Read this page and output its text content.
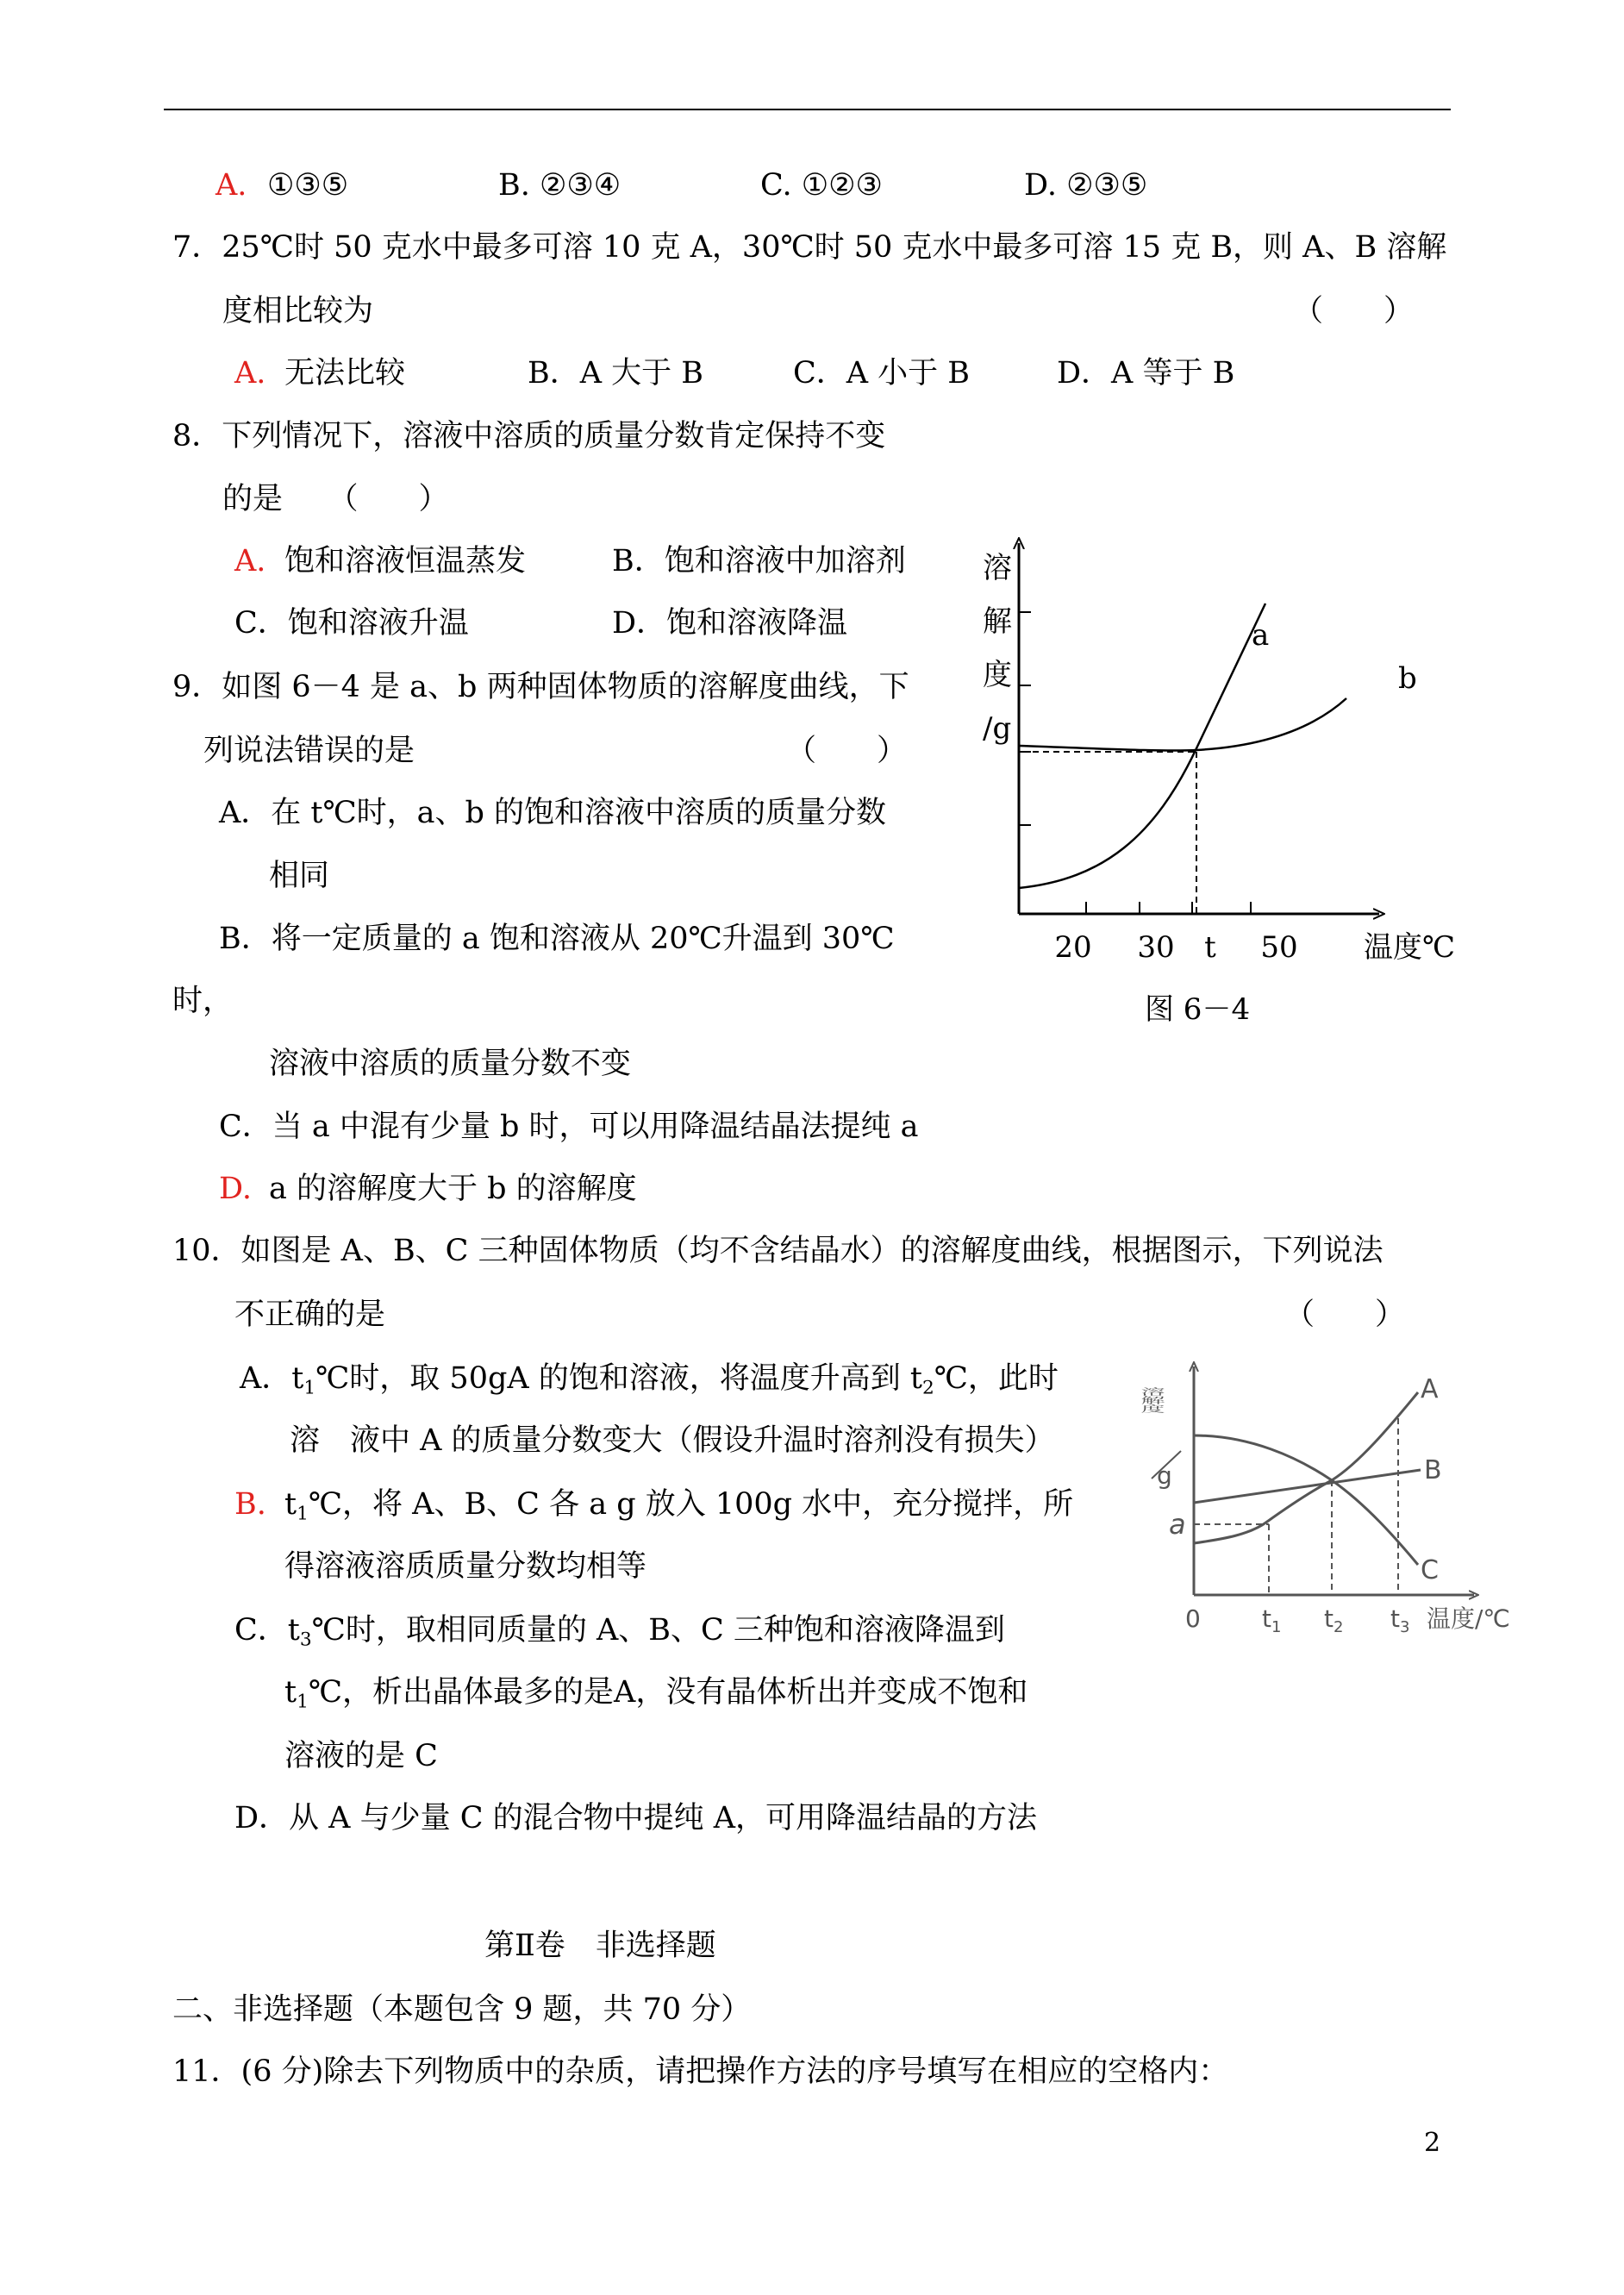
A. ①③⑤	B. ②③④	C. ①②③	D. ②③⑤
7．25℃时 50 克水中最多可溶 10 克 A，30℃时 50 克水中最多可溶 15 克 B，则 A、B 溶解
度相比较为	（　　）
A. 无法比较	B．A 大于 B	C．A 小于 B	D．A 等于 B
8．下列情况下，溶液中溶质的质量分数肯定保持不变
的是　　（　　）
A. 饱和溶液恒温蒸发	B．饱和溶液中加溶剂
C．饱和溶液升温	D．饱和溶液降温
9．如图 6－4 是 a、b 两种固体物质的溶解度曲线，下
列说法错误的是	（　　）
A．在 t℃时，a、b 的饱和溶液中溶质的质量分数
相同
B．将一定质量的 a 饱和溶液从 20℃升温到 30℃
时，
溶液中溶质的质量分数不变
C．当 a 中混有少量 b 时，可以用降温结晶法提纯 a
D. a 的溶解度大于 b 的溶解度
溶
解
度
/g
a
b
20 30 t 50 温度℃
图 6－4
10．如图是 A、B、C 三种固体物质（均不含结晶水）的溶解度曲线，根据图示，下列说法
不正确的是	（　　）
A．$t_1℃$时，取 50gA 的饱和溶液，将温度升高到 $t_2℃$，此时
溶　液中 A 的质量分数变大（假设升温时溶剂没有损失）
B. $t_1℃$，将 A、B、C 各 a g 放入 100g 水中，充分搅拌，所
得溶液溶质质量分数均相等
C．$t_3℃$时，取相同质量的 A、B、C 三种饱和溶液降温到
$t_1℃$，析出晶体最多的是A，没有晶体析出并变成不饱和
溶液的是 C
D．从 A 与少量 C 的混合物中提纯 A，可用降温结晶的方法
溶解度
g
a
0	$t_1$ $t_2$ $t_3$ 温度/℃
A
B
C
第Ⅱ卷　非选择题
二、非选择题（本题包含 9 题，共 70 分）
11．(6 分)除去下列物质中的杂质，请把操作方法的序号填写在相应的空格内：
2
